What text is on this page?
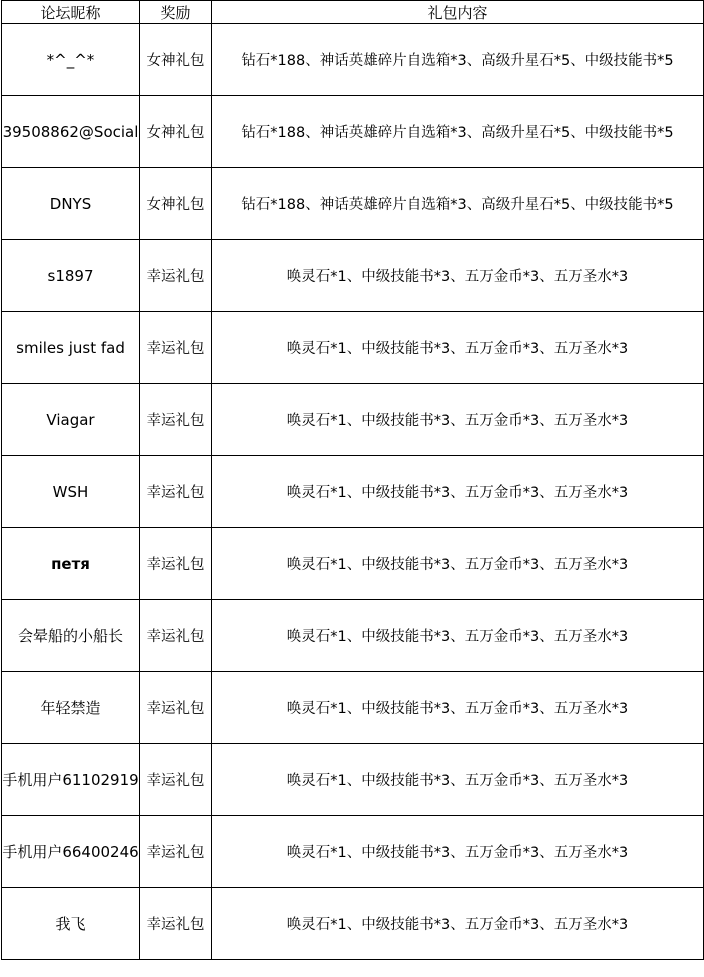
论坛昵称	奖励	礼包内容
*^_^*	女神礼包	钻石*188、神话英雄碎片自选箱*3、高级升星石*5、中级技能书*5
39508862@Social	女神礼包	钻石*188、神话英雄碎片自选箱*3、高级升星石*5、中级技能书*5
DNYS	女神礼包	钻石*188、神话英雄碎片自选箱*3、高级升星石*5、中级技能书*5
s1897	幸运礼包	唤灵石*1、中级技能书*3、五万金币*3、五万圣水*3
smiles just fad	幸运礼包	唤灵石*1、中级技能书*3、五万金币*3、五万圣水*3
Viagar	幸运礼包	唤灵石*1、中级技能书*3、五万金币*3、五万圣水*3
WSH	幸运礼包	唤灵石*1、中级技能书*3、五万金币*3、五万圣水*3
петя	幸运礼包	唤灵石*1、中级技能书*3、五万金币*3、五万圣水*3
会晕船的小船长	幸运礼包	唤灵石*1、中级技能书*3、五万金币*3、五万圣水*3
年轻禁造	幸运礼包	唤灵石*1、中级技能书*3、五万金币*3、五万圣水*3
手机用户61102919	幸运礼包	唤灵石*1、中级技能书*3、五万金币*3、五万圣水*3
手机用户66400246	幸运礼包	唤灵石*1、中级技能书*3、五万金币*3、五万圣水*3
我飞	幸运礼包	唤灵石*1、中级技能书*3、五万金币*3、五万圣水*3
